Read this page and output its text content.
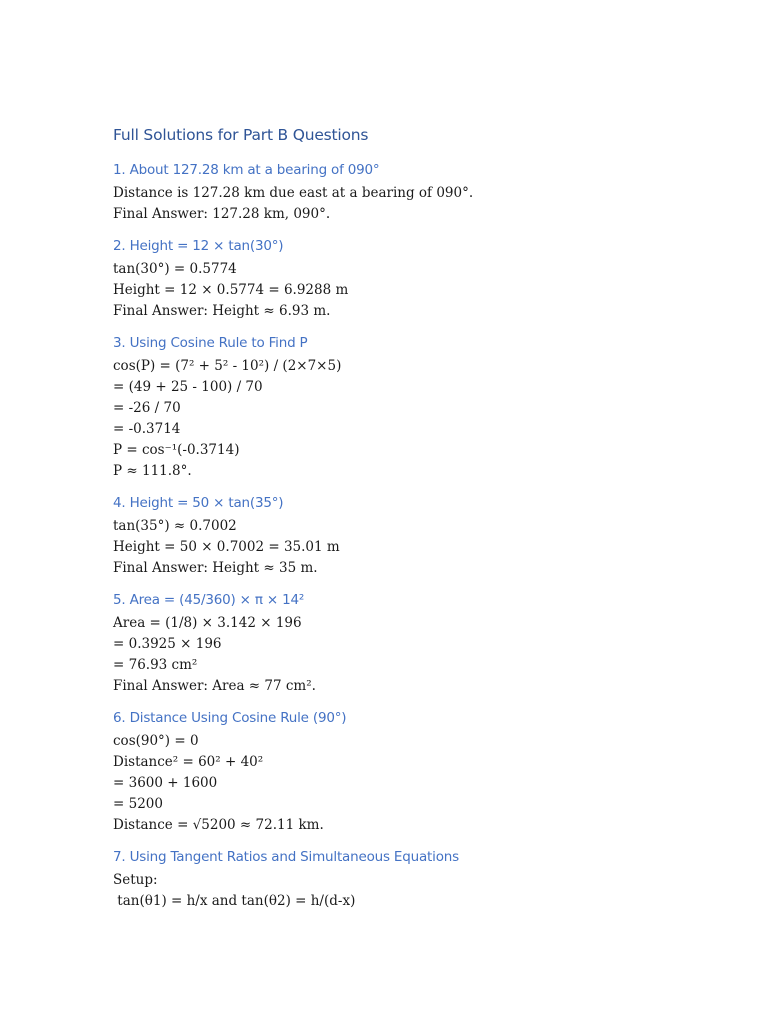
Full Solutions for Part B Questions
1. About 127.28 km at a bearing of 090°
Distance is 127.28 km due east at a bearing of 090°.
Final Answer: 127.28 km, 090°.
2. Height = 12 × tan(30°)
tan(30°) = 0.5774
Height = 12 × 0.5774 = 6.9288 m
Final Answer: Height ≈ 6.93 m.
3. Using Cosine Rule to Find P
cos(P) = (7² + 5² - 10²) / (2×7×5)
= (49 + 25 - 100) / 70
= -26 / 70
= -0.3714
P = cos⁻¹(-0.3714)
P ≈ 111.8°.
4. Height = 50 × tan(35°)
tan(35°) ≈ 0.7002
Height = 50 × 0.7002 = 35.01 m
Final Answer: Height ≈ 35 m.
5. Area = (45/360) × π × 14²
Area = (1/8) × 3.142 × 196
= 0.3925 × 196
= 76.93 cm²
Final Answer: Area ≈ 77 cm².
6. Distance Using Cosine Rule (90°)
cos(90°) = 0
Distance² = 60² + 40²
= 3600 + 1600
= 5200
Distance = √5200 ≈ 72.11 km.
7. Using Tangent Ratios and Simultaneous Equations
Setup:
tan(θ1) = h/x and tan(θ2) = h/(d-x)
